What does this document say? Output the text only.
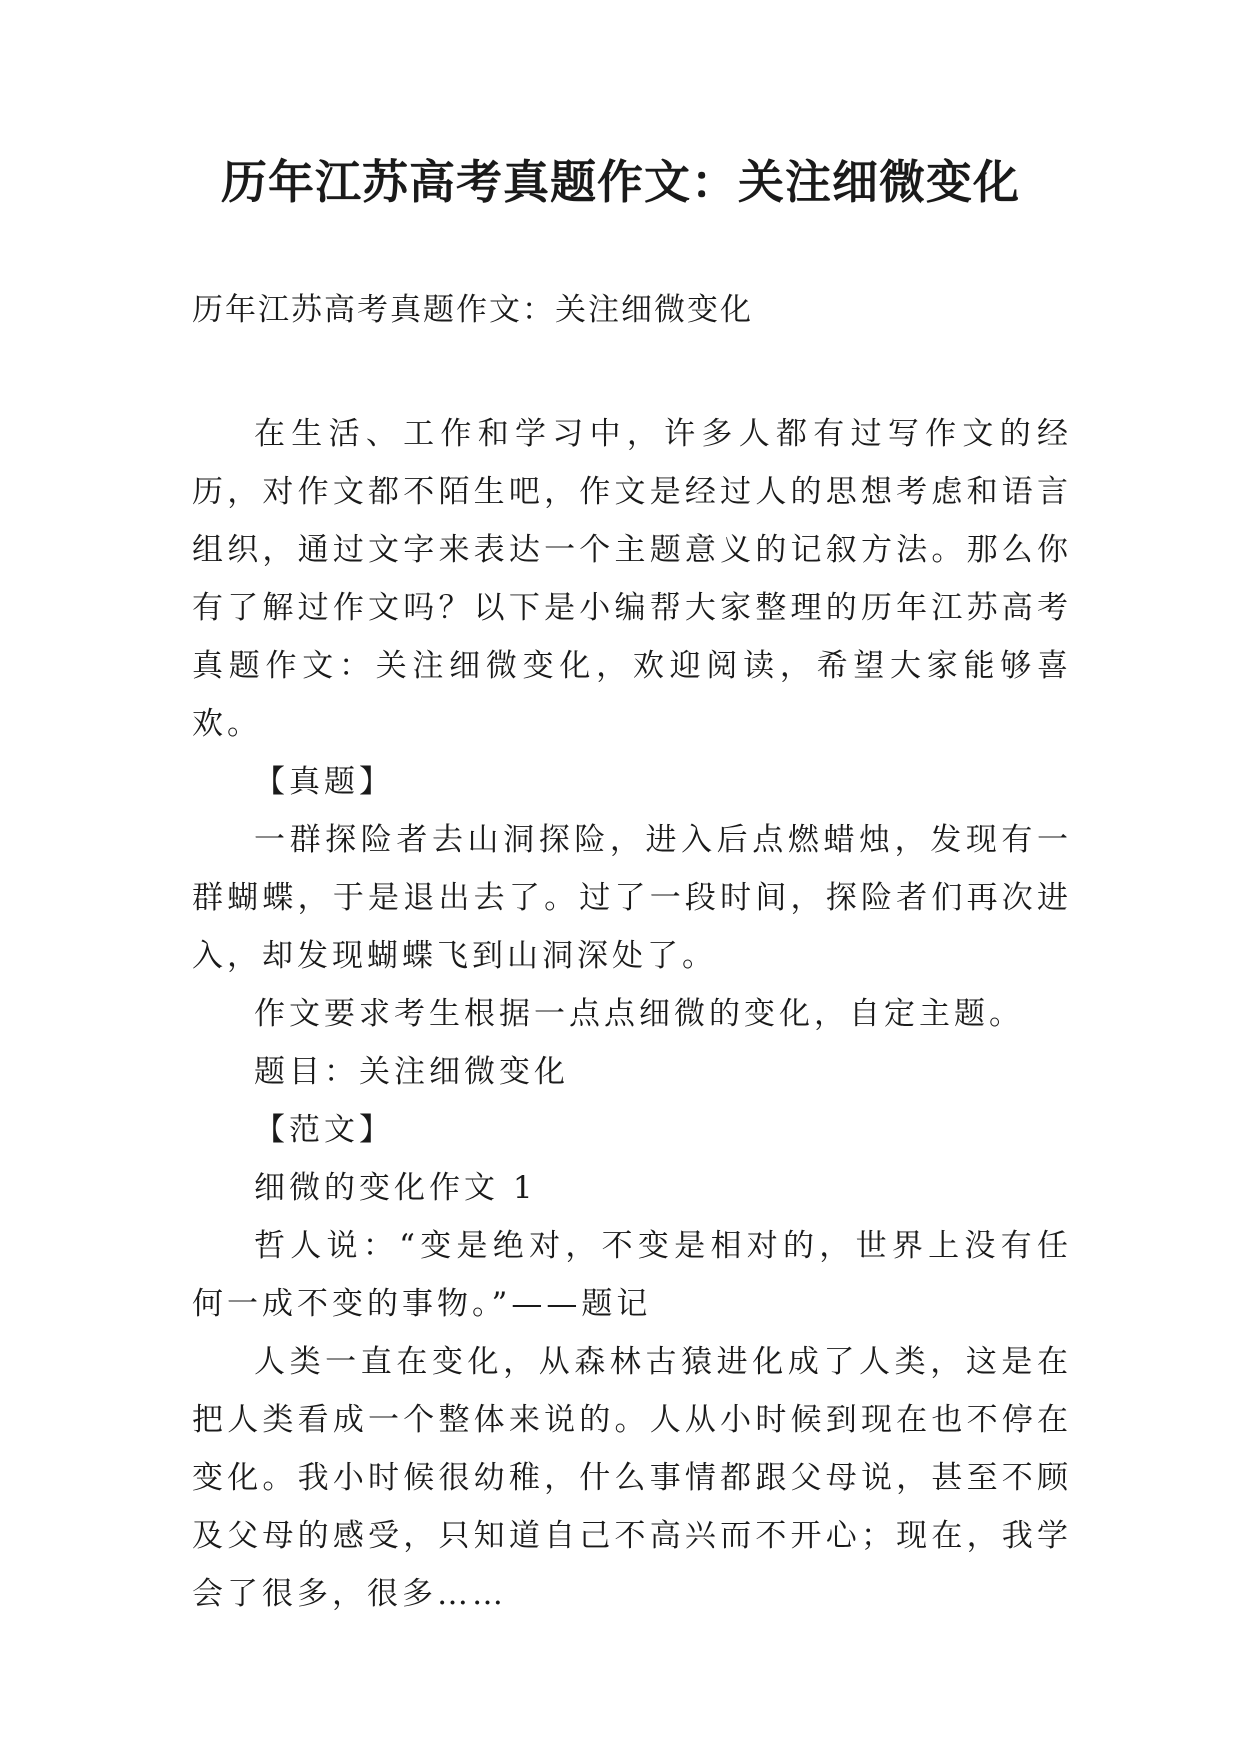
历年江苏高考真题作文：关注细微变化
历年江苏高考真题作文：关注细微变化

在生活、工作和学习中，许多人都有过写作文的经历，对作文都不陌生吧，作文是经过人的思想考虑和语言组织，通过文字来表达一个主题意义的记叙方法。那么你有了解过作文吗？以下是小编帮大家整理的历年江苏高考真题作文：关注细微变化，欢迎阅读，希望大家能够喜欢。

【真题】

一群探险者去山洞探险，进入后点燃蜡烛，发现有一群蝴蝶，于是退出去了。过了一段时间，探险者们再次进入，却发现蝴蝶飞到山洞深处了。

作文要求考生根据一点点细微的变化，自定主题。

题目：关注细微变化

【范文】

细微的变化作文 1

哲人说：“变是绝对，不变是相对的，世界上没有任何一成不变的事物。”——题记

人类一直在变化，从森林古猿进化成了人类，这是在把人类看成一个整体来说的。人从小时候到现在也不停在变化。我小时候很幼稚，什么事情都跟父母说，甚至不顾及父母的感受，只知道自己不高兴而不开心；现在，我学会了很多，很多……
